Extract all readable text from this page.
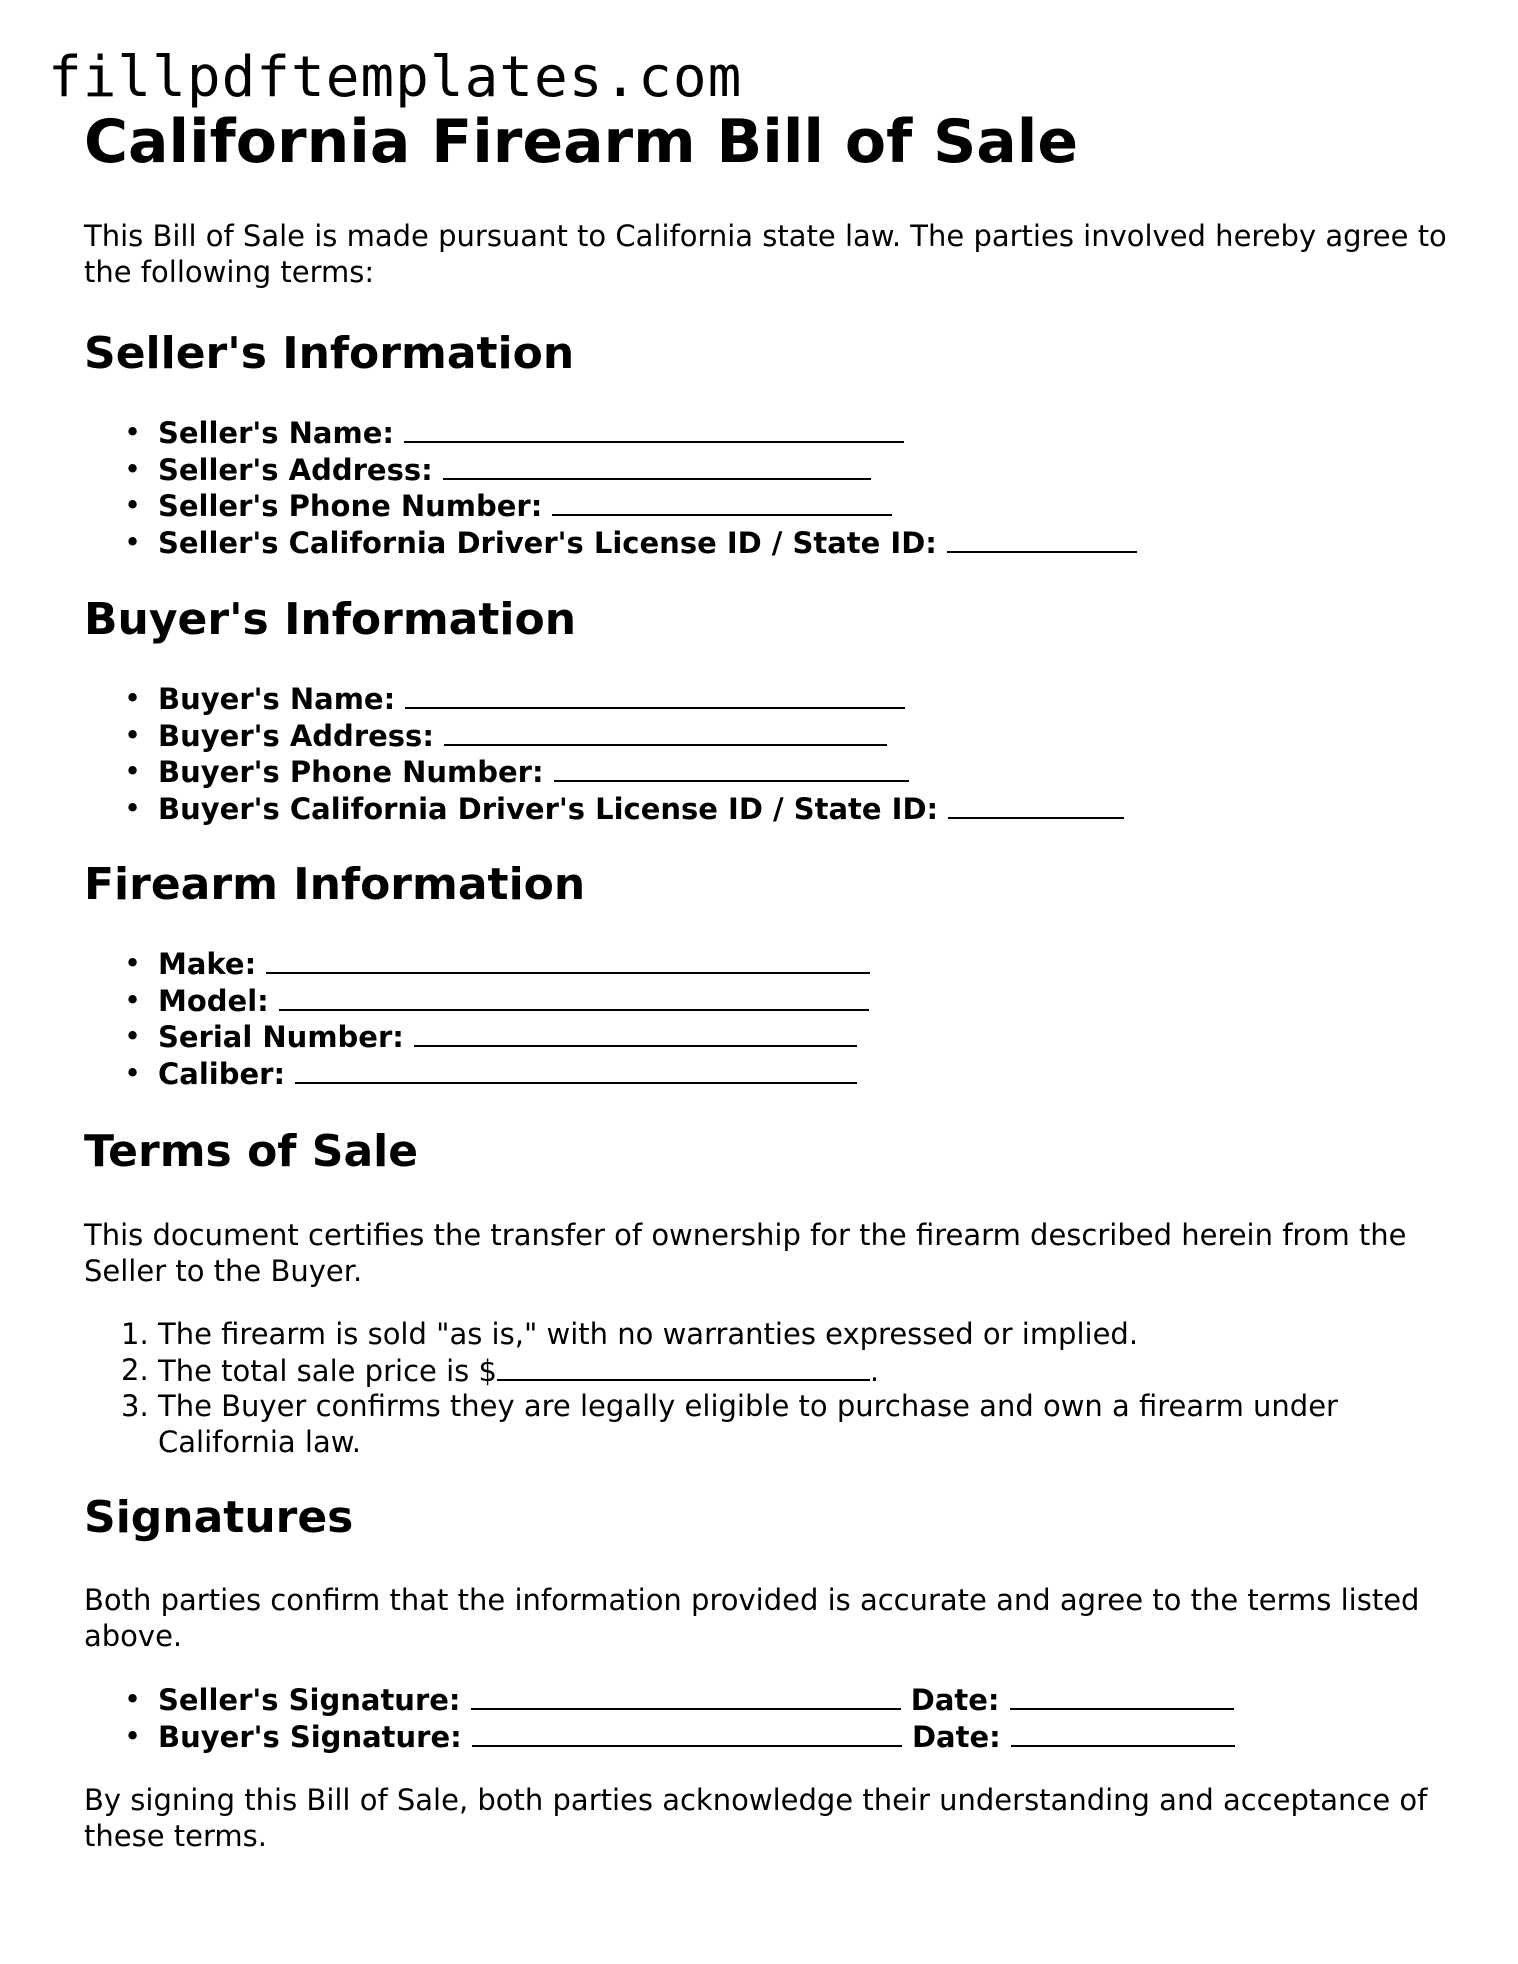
fillpdftemplates.com
California Firearm Bill of Sale

This Bill of Sale is made pursuant to California state law. The parties involved hereby agree to the following terms:

Seller's Information
• Seller's Name:
• Seller's Address:
• Seller's Phone Number:
• Seller's California Driver's License ID / State ID:
Buyer's Information
• Buyer's Name:
• Buyer's Address:
• Buyer's Phone Number:
• Buyer's California Driver's License ID / State ID:
Firearm Information
• Make:
• Model:
• Serial Number:
• Caliber:
Terms of Sale

This document certifies the transfer of ownership for the firearm described herein from the Seller to the Buyer.

1. The firearm is sold "as is," with no warranties expressed or implied.
2. The total sale price is $	.
3. The Buyer confirms they are legally eligible to purchase and own a firearm under California law.
Signatures

Both parties confirm that the information provided is accurate and agree to the terms listed above.

• Seller's Signature:	Date:
• Buyer's Signature:	Date:

By signing this Bill of Sale, both parties acknowledge their understanding and acceptance of these terms.
